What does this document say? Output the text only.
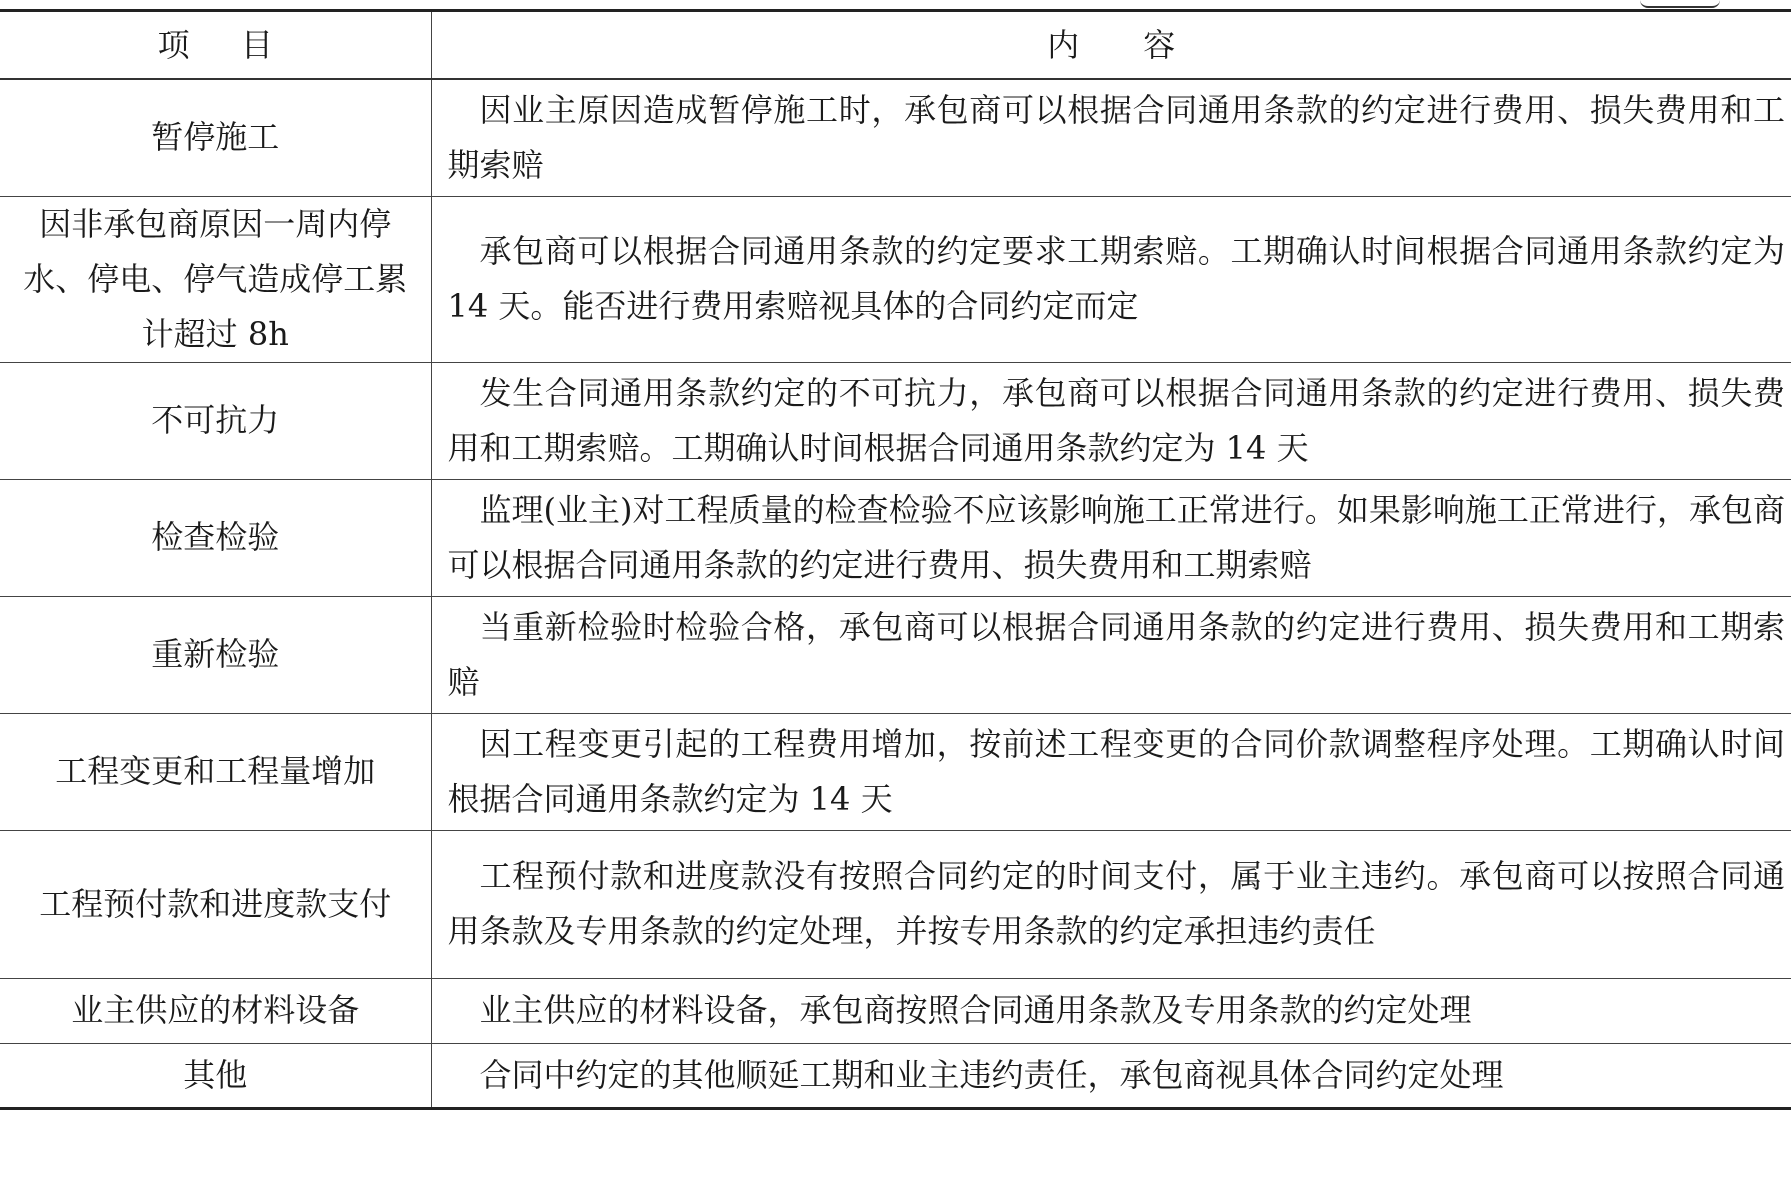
项目	内容
暂停施工	因业主原因造成暂停施工时，承包商可以根据合同通用条款的约定进行费用、损失费用和工期索赔

因非承包商原因一周内停水、停电、停气造成停工累计超过 8h	承包商可以根据合同通用条款的约定要求工期索赔。工期确认时间根据合同通用条款约定为 14 天。能否进行费用索赔视具体的合同约定而定

不可抗力	发生合同通用条款约定的不可抗力，承包商可以根据合同通用条款的约定进行费用、损失费用和工期索赔。工期确认时间根据合同通用条款约定为 14 天

检查检验	监理(业主)对工程质量的检查检验不应该影响施工正常进行。如果影响施工正常进行，承包商可以根据合同通用条款的约定进行费用、损失费用和工期索赔

重新检验	当重新检验时检验合格，承包商可以根据合同通用条款的约定进行费用、损失费用和工期索赔

工程变更和工程量增加	因工程变更引起的工程费用增加，按前述工程变更的合同价款调整程序处理。工期确认时间根据合同通用条款约定为 14 天

工程预付款和进度款支付	工程预付款和进度款没有按照合同约定的时间支付，属于业主违约。承包商可以按照合同通用条款及专用条款的约定处理，并按专用条款的约定承担违约责任

业主供应的材料设备	业主供应的材料设备，承包商按照合同通用条款及专用条款的约定处理

其他	合同中约定的其他顺延工期和业主违约责任，承包商视具体合同约定处理
